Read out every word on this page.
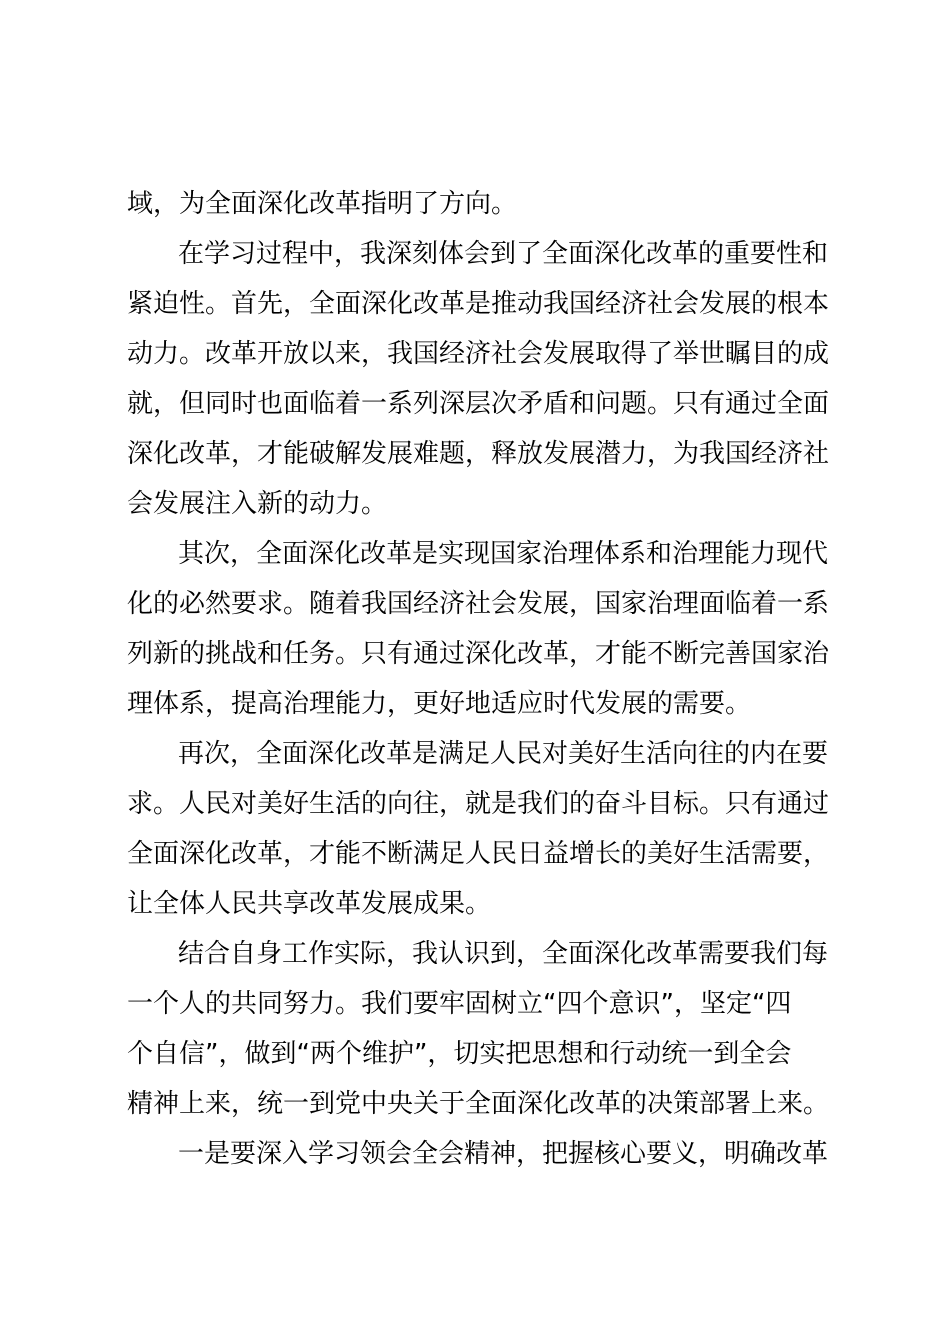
域，为全面深化改革指明了方向。
在学习过程中，我深刻体会到了全面深化改革的重要性和
紧迫性。首先，全面深化改革是推动我国经济社会发展的根本
动力。改革开放以来，我国经济社会发展取得了举世瞩目的成
就，但同时也面临着一系列深层次矛盾和问题。只有通过全面
深化改革，才能破解发展难题，释放发展潜力，为我国经济社
会发展注入新的动力。
其次，全面深化改革是实现国家治理体系和治理能力现代
化的必然要求。随着我国经济社会发展，国家治理面临着一系
列新的挑战和任务。只有通过深化改革，才能不断完善国家治
理体系，提高治理能力，更好地适应时代发展的需要。
再次，全面深化改革是满足人民对美好生活向往的内在要
求。人民对美好生活的向往，就是我们的奋斗目标。只有通过
全面深化改革，才能不断满足人民日益增长的美好生活需要，
让全体人民共享改革发展成果。
结合自身工作实际，我认识到，全面深化改革需要我们每
一个人的共同努力。我们要牢固树立“四个意识”，坚定“四
个自信”，做到“两个维护”，切实把思想和行动统一到全会
精神上来，统一到党中央关于全面深化改革的决策部署上来。
一是要深入学习领会全会精神，把握核心要义，明确改革
